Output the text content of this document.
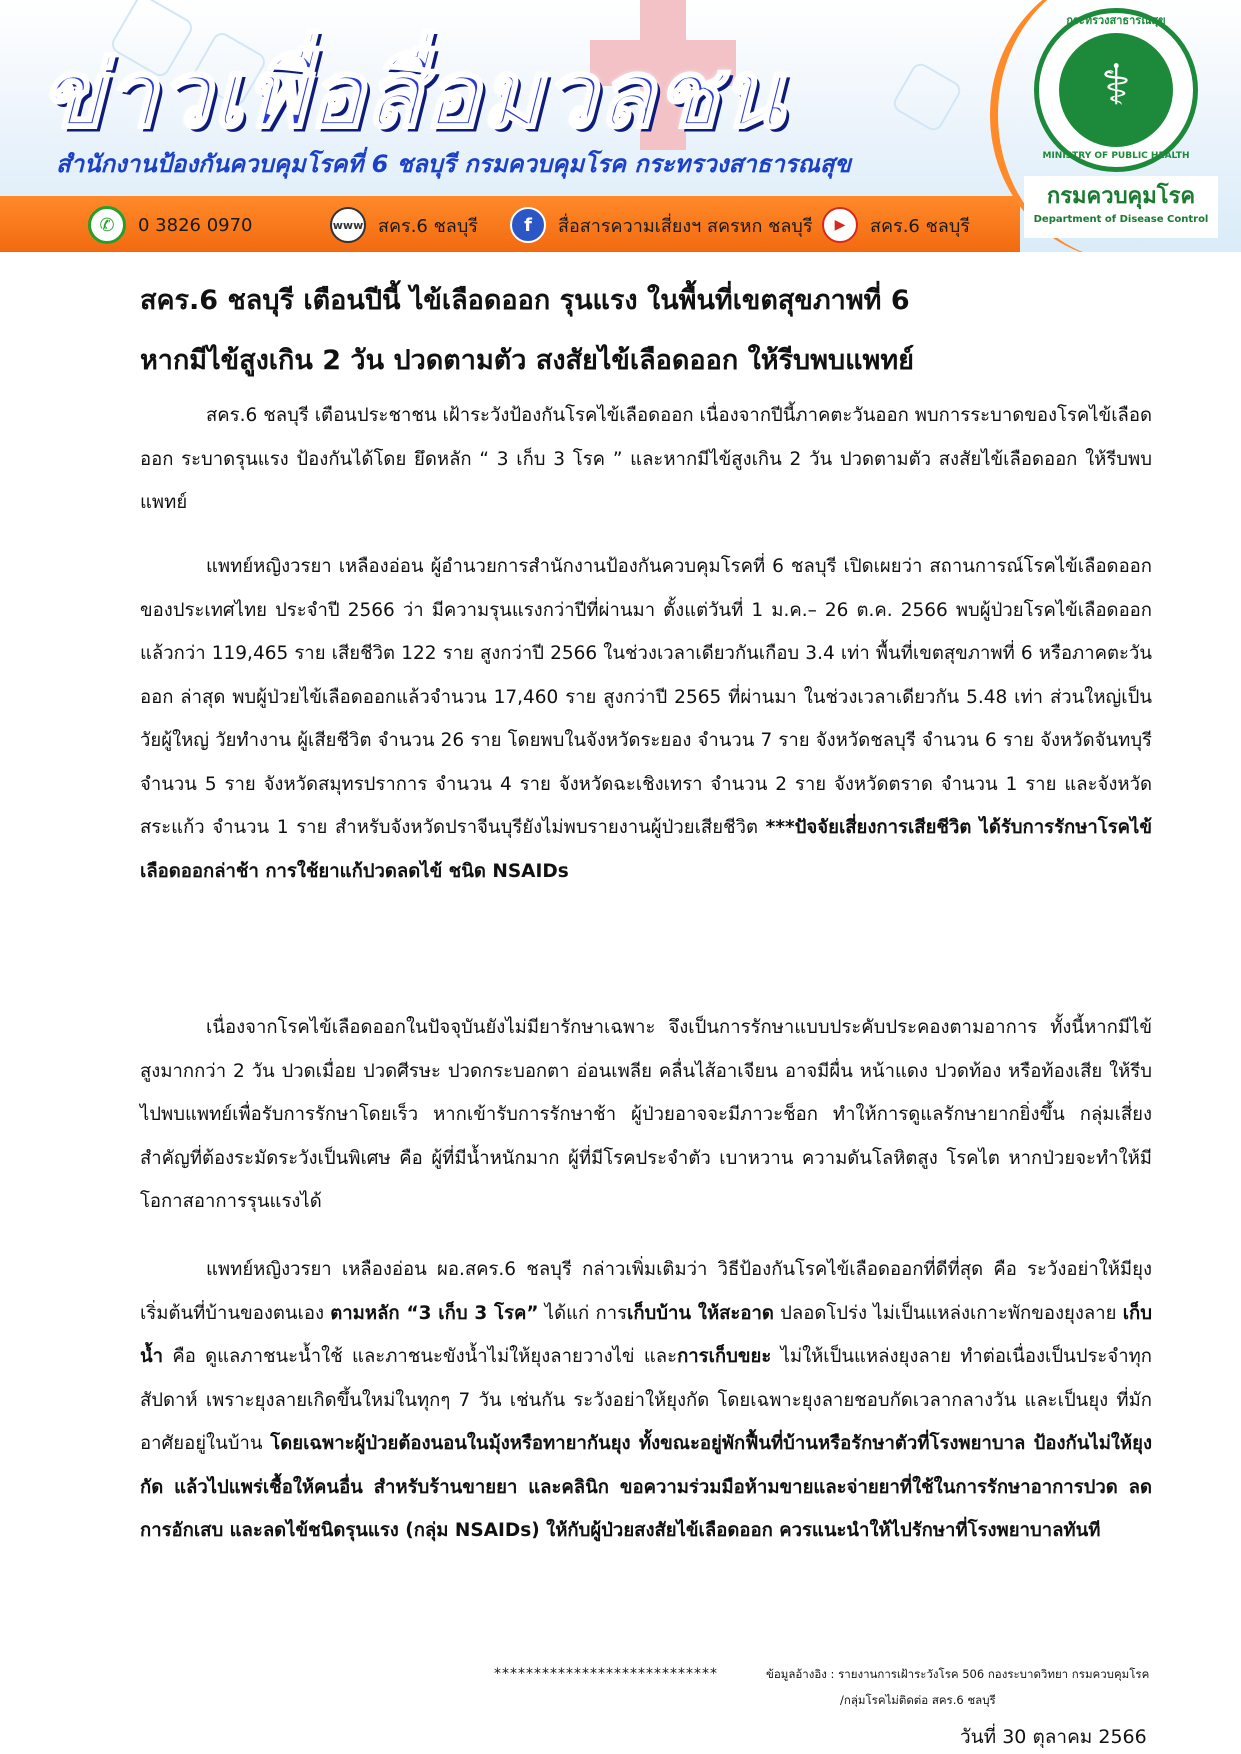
ข่าวเพื่อสื่อมวลชน
สำนักงานป้องกันควบคุมโรคที่ 6 ชลบุรี กรมควบคุมโรค กระทรวงสาธารณสุข
✆	0 3826 0970	www สคร.6 ชลบุรี	f	สื่อสารความเสี่ยงฯ สครหก ชลบุรี	▶	สคร.6 ชลบุรี
กระทรวงสาธารณสุข
⚕
MINISTRY OF PUBLIC HEALTH
กรมควบคุมโรค
Department of Disease Control
สคร.6 ชลบุรี เตือนปีนี้ ไข้เลือดออก รุนแรง ในพื้นที่เขตสุขภาพที่ 6
หากมีไข้สูงเกิน 2 วัน ปวดตามตัว สงสัยไข้เลือดออก ให้รีบพบแพทย์
สคร.6 ชลบุรี เตือนประชาชน เฝ้าระวังป้องกันโรคไข้เลือดออก เนื่องจากปีนี้ภาคตะวันออก พบการระบาดของโรคไข้เลือดออก ระบาดรุนแรง ป้องกันได้โดย ยึดหลัก “ 3 เก็บ 3 โรค ” และหากมีไข้สูงเกิน 2 วัน ปวดตามตัว สงสัยไข้เลือดออก ให้รีบพบแพทย์
แพทย์หญิงวรยา เหลืองอ่อน ผู้อำนวยการสำนักงานป้องกันควบคุมโรคที่ 6 ชลบุรี เปิดเผยว่า สถานการณ์โรคไข้เลือดออกของประเทศไทย ประจำปี 2566 ว่า มีความรุนแรงกว่าปีที่ผ่านมา ตั้งแต่วันที่ 1 ม.ค.– 26 ต.ค. 2566 พบผู้ป่วยโรคไข้เลือดออกแล้วกว่า 119,465 ราย เสียชีวิต 122 ราย สูงกว่าปี 2566 ในช่วงเวลาเดียวกันเกือบ 3.4 เท่า พื้นที่เขตสุขภาพที่ 6 หรือภาคตะวันออก ล่าสุด พบผู้ป่วยไข้เลือดออกแล้วจำนวน 17,460 ราย สูงกว่าปี 2565 ที่ผ่านมา ในช่วงเวลาเดียวกัน 5.48 เท่า ส่วนใหญ่เป็นวัยผู้ใหญ่ วัยทำงาน ผู้เสียชีวิต จำนวน 26 ราย โดยพบในจังหวัดระยอง จำนวน 7 ราย จังหวัดชลบุรี จำนวน 6 ราย จังหวัดจันทบุรี จำนวน 5 ราย จังหวัดสมุทรปราการ จำนวน 4 ราย จังหวัดฉะเชิงเทรา จำนวน 2 ราย จังหวัดตราด จำนวน 1 ราย และจังหวัดสระแก้ว จำนวน 1 ราย สำหรับจังหวัดปราจีนบุรียังไม่พบรายงานผู้ป่วยเสียชีวิต ***ปัจจัยเสี่ยงการเสียชีวิต ได้รับการรักษาโรคไข้เลือดออกล่าช้า การใช้ยาแก้ปวดลดไข้ ชนิด NSAIDs
เนื่องจากโรคไข้เลือดออกในปัจจุบันยังไม่มียารักษาเฉพาะ จึงเป็นการรักษาแบบประคับประคองตามอาการ ทั้งนี้หากมีไข้สูงมากกว่า 2 วัน ปวดเมื่อย ปวดศีรษะ ปวดกระบอกตา อ่อนเพลีย คลื่นไส้อาเจียน อาจมีผื่น หน้าแดง ปวดท้อง หรือท้องเสีย ให้รีบไปพบแพทย์เพื่อรับการรักษาโดยเร็ว หากเข้ารับการรักษาช้า ผู้ป่วยอาจจะมีภาวะช็อก ทำให้การดูแลรักษายากยิ่งขึ้น กลุ่มเสี่ยงสำคัญที่ต้องระมัดระวังเป็นพิเศษ คือ ผู้ที่มีน้ำหนักมาก ผู้ที่มีโรคประจำตัว เบาหวาน ความดันโลหิตสูง โรคไต หากป่วยจะทำให้มีโอกาสอาการรุนแรงได้
แพทย์หญิงวรยา เหลืองอ่อน ผอ.สคร.6 ชลบุรี กล่าวเพิ่มเติมว่า วิธีป้องกันโรคไข้เลือดออกที่ดีที่สุด คือ ระวังอย่าให้มียุง เริ่มต้นที่บ้านของตนเอง ตามหลัก “3 เก็บ 3 โรค” ได้แก่ การเก็บบ้าน ให้สะอาด ปลอดโปร่ง ไม่เป็นแหล่งเกาะพักของยุงลาย เก็บน้ำ คือ ดูแลภาชนะน้ำใช้ และภาชนะขังน้ำไม่ให้ยุงลายวางไข่ และการเก็บขยะ ไม่ให้เป็นแหล่งยุงลาย ทำต่อเนื่องเป็นประจำทุกสัปดาห์ เพราะยุงลายเกิดขึ้นใหม่ในทุกๆ 7 วัน เช่นกัน ระวังอย่าให้ยุงกัด โดยเฉพาะยุงลายชอบกัดเวลากลางวัน และเป็นยุง ที่มักอาศัยอยู่ในบ้าน โดยเฉพาะผู้ป่วยต้องนอนในมุ้งหรือทายากันยุง ทั้งขณะอยู่พักฟื้นที่บ้านหรือรักษาตัวที่โรงพยาบาล ป้องกันไม่ให้ยุงกัด แล้วไปแพร่เชื้อให้คนอื่น สำหรับร้านขายยา และคลินิก ขอความร่วมมือห้ามขายและจ่ายยาที่ใช้ในการรักษาอาการปวด ลดการอักเสบ และลดไข้ชนิดรุนแรง (กลุ่ม NSAIDs) ให้กับผู้ป่วยสงสัยไข้เลือดออก ควรแนะนำให้ไปรักษาที่โรงพยาบาลทันที
****************************	ข้อมูลอ้างอิง : รายงานการเฝ้าระวังโรค 506 กองระบาดวิทยา กรมควบคุมโรค
/กลุ่มโรคไม่ติดต่อ สคร.6 ชลบุรี
วันที่ 30 ตุลาคม 2566
